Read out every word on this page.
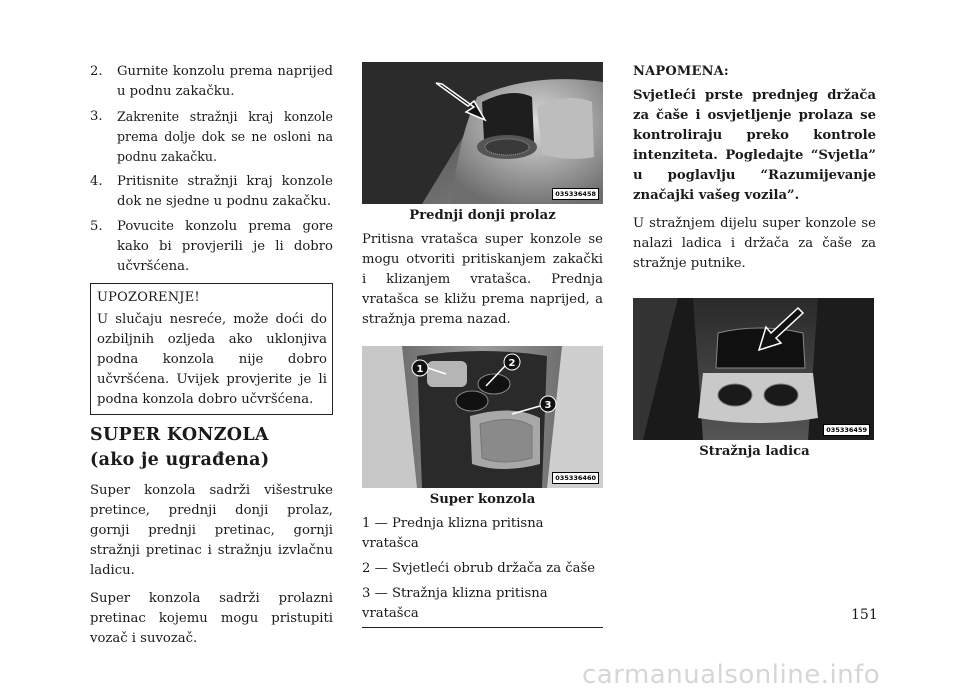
2.	Gurnite konzolu prema naprijed u podnu zakačku.
3.	Zakrenite stražnji kraj konzole prema dolje dok se ne osloni na podnu zakačku.
4.	Pritisnite stražnji kraj konzole dok ne sjedne u podnu zakačku.
5.	Povucite konzolu prema gore kako bi provjerili je li dobro učvršćena.
UPOZORENJE!
U slučaju nesreće, može doći do ozbiljnih ozljeda ako uklonjiva podna konzola nije dobro učvršćena. Uvijek provjerite je li podna konzola dobro učvršćena.
SUPER KONZOLA
(ako je ugrađena)
Super konzola sadrži višestruke pretince, prednji donji prolaz, gornji prednji pretinac, gornji stražnji pretinac i stražnju izvlačnu ladicu.
Super konzola sadrži prolazni pretinac kojemu mogu pristupiti vozač i suvozač.
035336458
Prednji donji prolaz
Pritisna vratašca super konzole se mogu otvoriti pritiskanjem zakački i klizanjem vratašca. Prednja vratašca se kližu prema naprijed, a stražnja prema nazad.
1
2
3
035336460
Super konzola
1 — Prednja klizna pritisna vratašca
2 — Svjetleći obrub držača za čaše
3 — Stražnja klizna pritisna vratašca
NAPOMENA:
Svjetleći prste prednjeg držača za čaše i osvjetljenje prolaza se kontroliraju preko kontrole intenziteta. Pogledajte “Svjetla” u poglavlju “Razumijevanje značajki vašeg vozila”.
U stražnjem dijelu super konzole se nalazi ladica i držača za čaše za stražnje putnike.
035336459
Stražnja ladica
151
carmanualsonline.info
